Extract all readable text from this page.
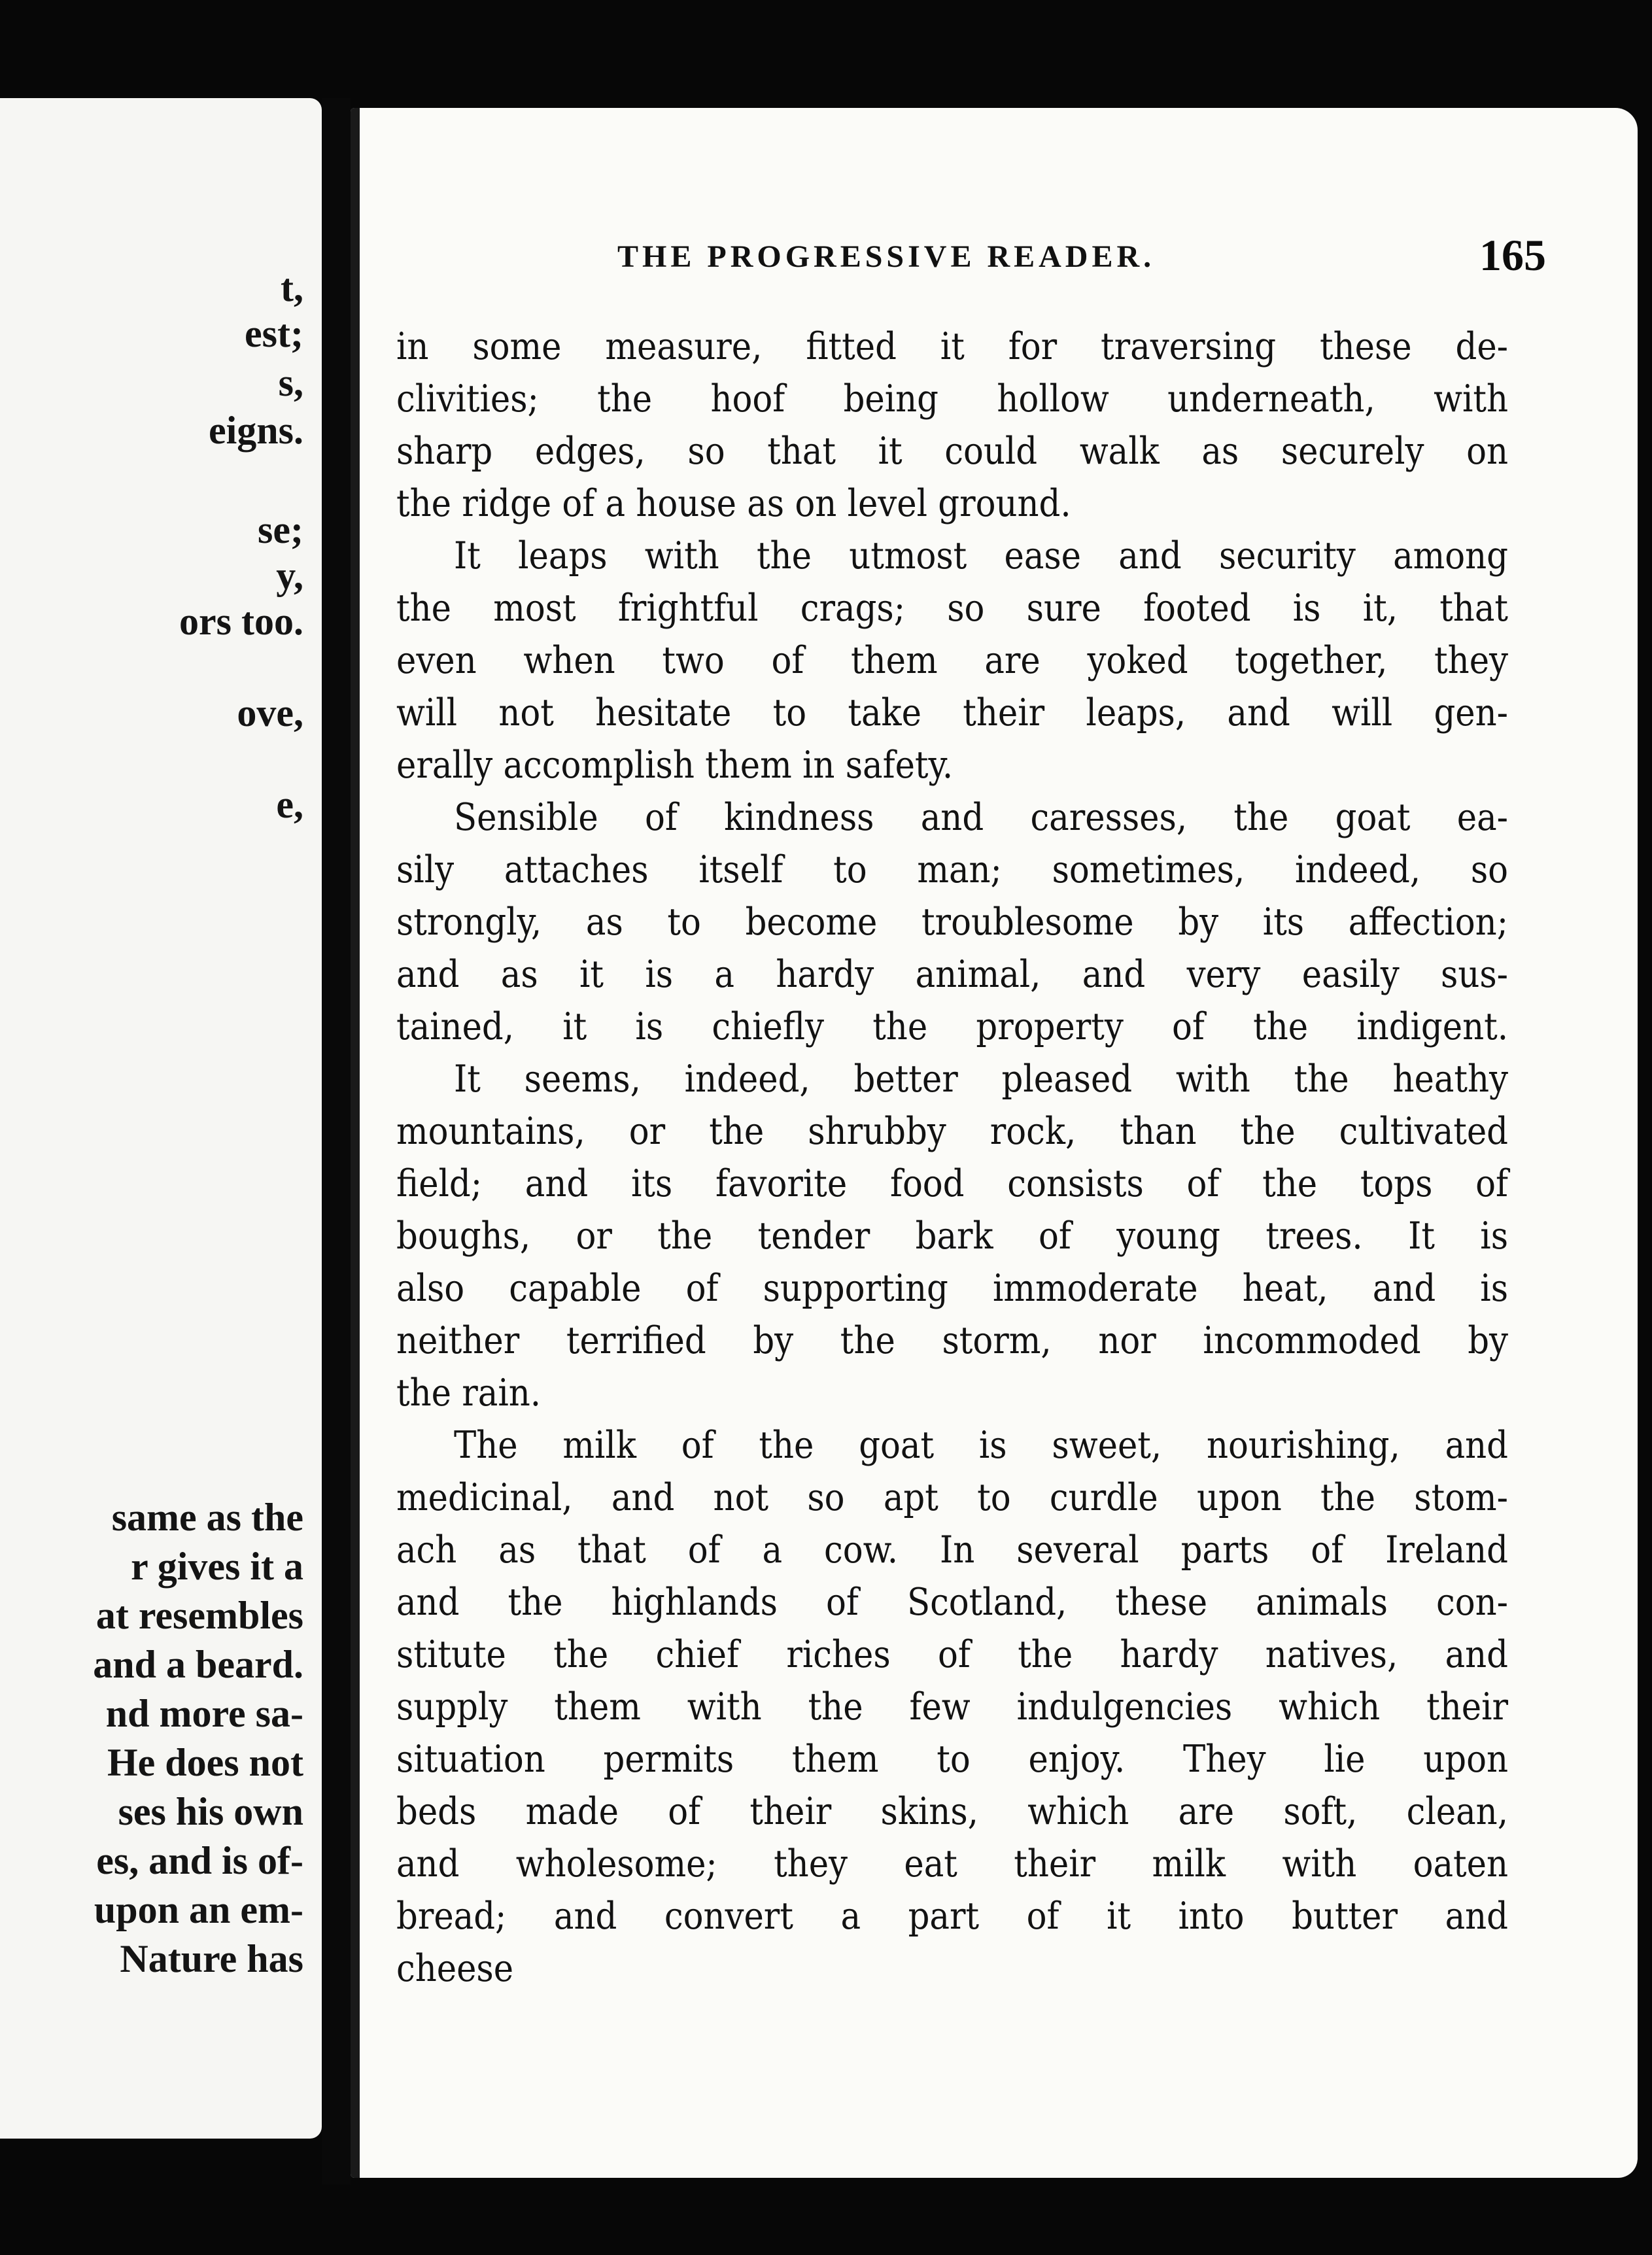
t,

est;

s,

eigns.

se;

y,

ors too.

ove,

e,

same as the

r gives it a

at resembles

and a beard.

nd more sa-

He does not

ses his own

es, and is of-

upon an em-

Nature has

THE PROGRESSIVE READER.	165
in some measure, fitted it for traversing these de-
clivities; the hoof being hollow underneath, with
sharp edges, so that it could walk as securely on
the ridge of a house as on level ground.
It leaps with the utmost ease and security among
the most frightful crags; so sure footed is it, that
even when two of them are yoked together, they
will not hesitate to take their leaps, and will gen-
erally accomplish them in safety.
Sensible of kindness and caresses, the goat ea-
sily attaches itself to man; sometimes, indeed, so
strongly, as to become troublesome by its affection;
and as it is a hardy animal, and very easily sus-
tained, it is chiefly the property of the indigent.
It seems, indeed, better pleased with the heathy
mountains, or the shrubby rock, than the cultivated
field; and its favorite food consists of the tops of
boughs, or the tender bark of young trees. It is
also capable of supporting immoderate heat, and is
neither terrified by the storm, nor incommoded by
the rain.
The milk of the goat is sweet, nourishing, and
medicinal, and not so apt to curdle upon the stom-
ach as that of a cow. In several parts of Ireland
and the highlands of Scotland, these animals con-
stitute the chief riches of the hardy natives, and
supply them with the few indulgencies which their
situation permits them to enjoy. They lie upon
beds made of their skins, which are soft, clean,
and wholesome; they eat their milk with oaten
bread; and convert a part of it into butter and
cheese
